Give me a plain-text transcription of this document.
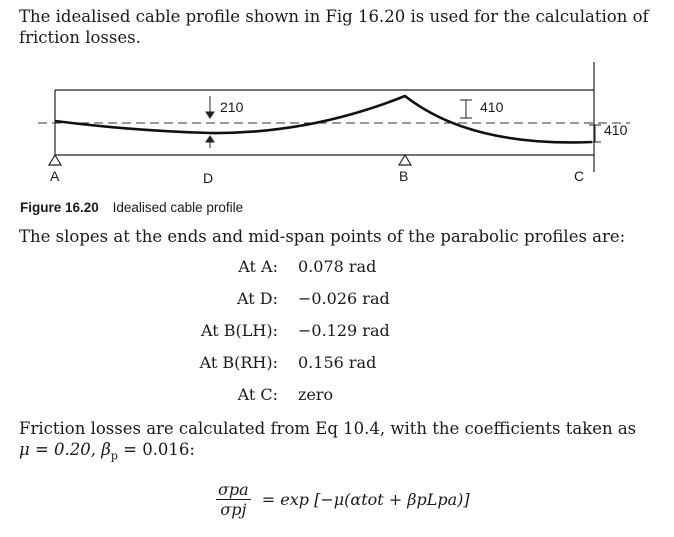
The idealised cable profile shown in Fig 16.20 is used for the calculation of friction losses.

210	410
410
A	D	B	C
Figure 16.20 Idealised cable profile

The slopes at the ends and mid-span points of the parabolic profiles are:

At A:	0.078 rad
At D:	−0.026 rad
At B(LH):	−0.129 rad
At B(RH):	0.156 rad
At C:	zero
Friction losses are calculated from Eq 10.4, with the coefficients taken as
μ = 0.20, $\beta_p = 0.016$:
$\frac{\text{σpa}}{\text{σpj}} = \exp [-\mu(\alpha tot$ + βpLpa)]
